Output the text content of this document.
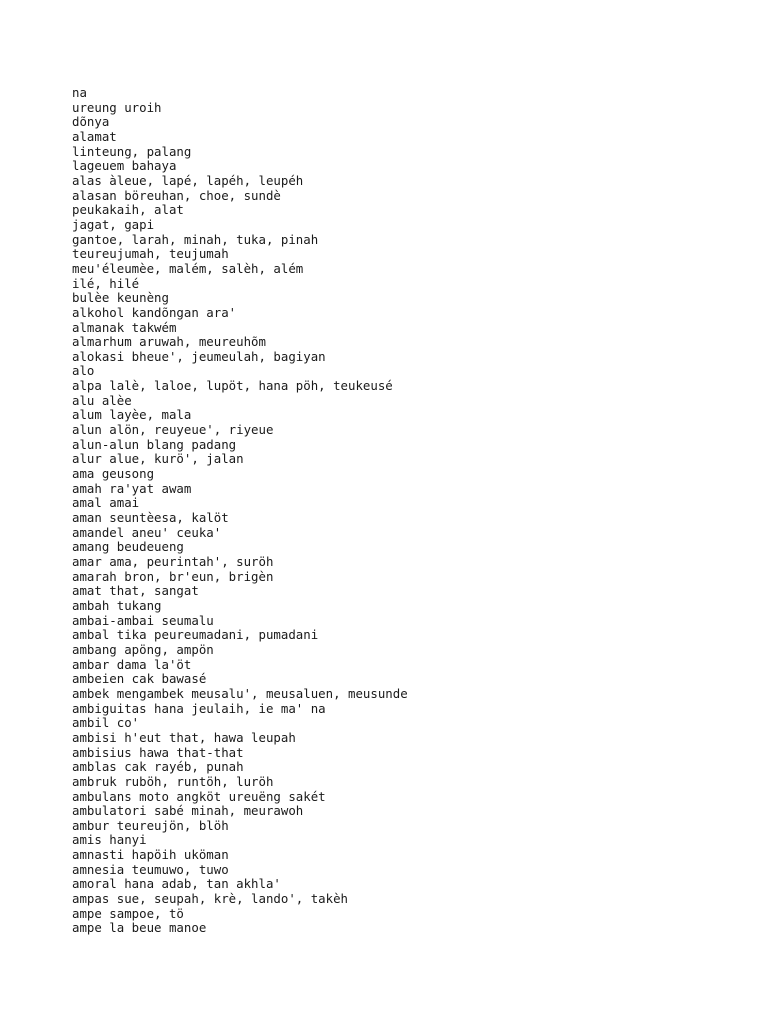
na
ureung uroih
dõnya
alamat
linteung, palang
lageuem bahaya
alas àleue, lapé, lapéh, leupéh
alasan böreuhan, choe, sundè
peukakaih, alat
jagat, gapi
gantoe, larah, minah, tuka, pinah
teureujumah, teujumah
meu'éleumèe, malém, salèh, além
ilé, hilé
bulèe keunèng
alkohol kandõngan ara'
almanak takwém
almarhum aruwah, meureuhõm
alokasi bheue', jeumeulah, bagiyan
alo
alpa lalè, laloe, lupöt, hana pöh, teukeusé
alu alèe
alum layèe, mala
alun alön, reuyeue', riyeue
alun-alun blang padang
alur alue, kurö', jalan
ama geusong
amah ra'yat awam
amal amai
aman seuntèesa, kalöt
amandel aneu' ceuka'
amang beudeueng
amar ama, peurintah', suröh
amarah bron, br'eun, brigèn
amat that, sangat
ambah tukang
ambai-ambai seumalu
ambal tika peureumadani, pumadani
ambang apöng, ampön
ambar dama la'öt
ambeien cak bawasé
ambek mengambek meusalu', meusaluen, meusunde
ambiguitas hana jeulaih, ie ma' na
ambil co'
ambisi h'eut that, hawa leupah
ambisius hawa that-that
amblas cak rayéb, punah
ambruk ruböh, runtöh, luröh
ambulans moto angköt ureuëng sakét
ambulatori sabé minah, meurawoh
ambur teureujön, blöh
amis hanyi
amnasti hapöih uköman
amnesia teumuwo, tuwo
amoral hana adab, tan akhla'
ampas sue, seupah, krè, lando', takèh
ampe sampoe, tö
ampe la beue manoe
